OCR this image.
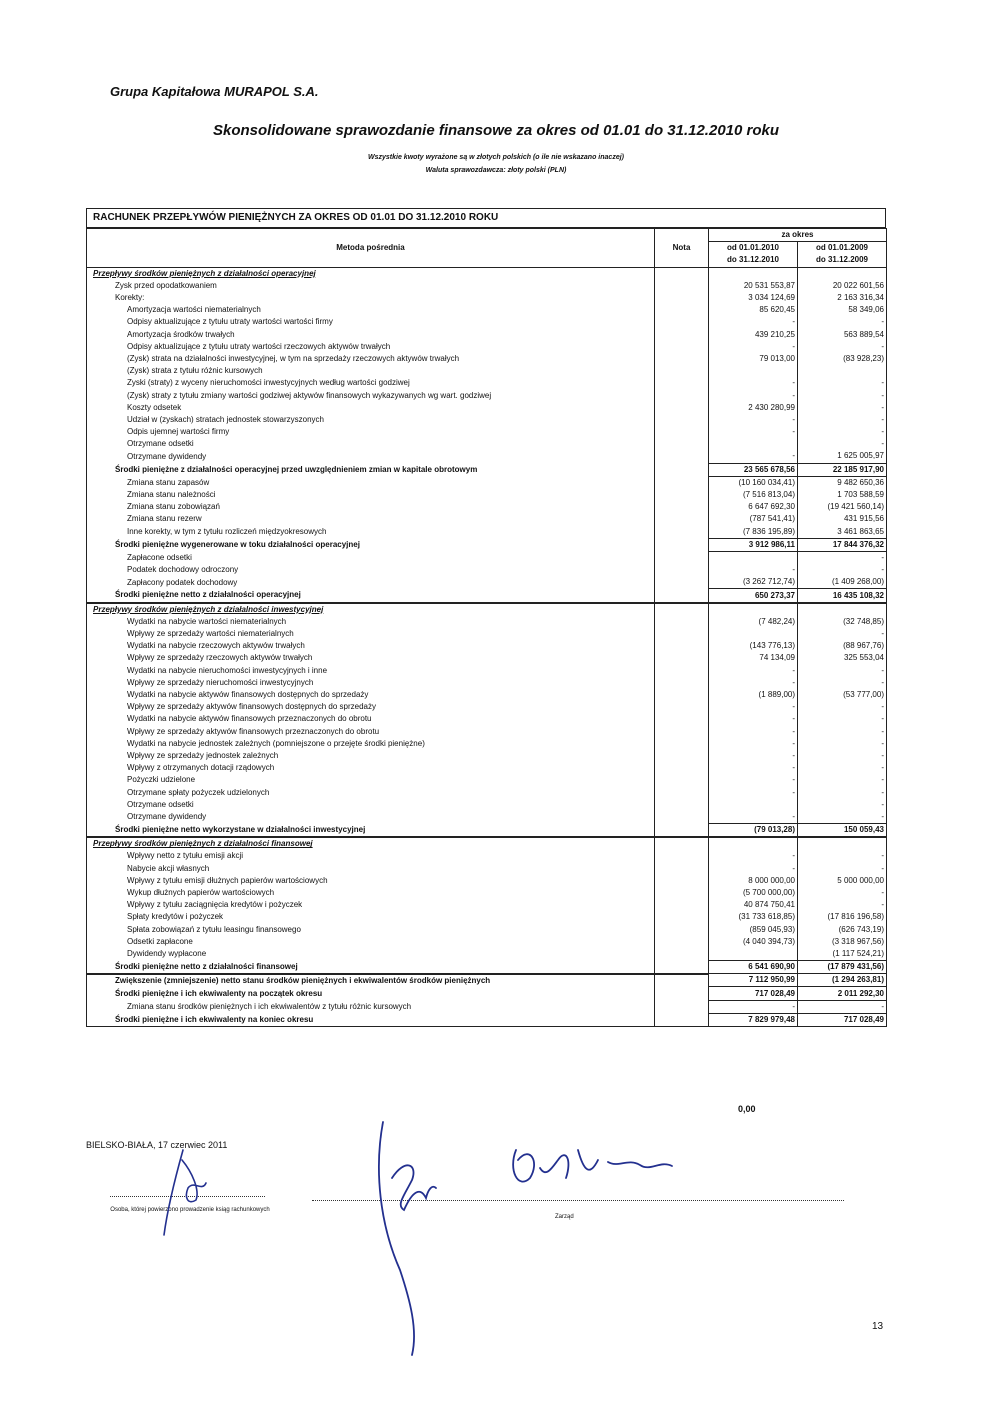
Grupa Kapitałowa MURAPOL S.A.
Skonsolidowane sprawozdanie finansowe za okres od 01.01 do 31.12.2010 roku
Wszystkie kwoty wyrażone są w złotych polskich (o ile nie wskazano inaczej)
Waluta sprawozdawcza: złoty polski (PLN)
RACHUNEK PRZEPŁYWÓW PIENIĘŻNYCH ZA OKRES OD 01.01 DO 31.12.2010 ROKU
Metoda pośrednia	Nota	za okres	
		od 01.01.2010	od 01.01.2009
		do 31.12.2010	do 31.12.2009
Przepływy środków pieniężnych z działalności operacyjnej			
Zysk przed opodatkowaniem		20 531 553,87	20 022 601,56
Korekty:		3 034 124,69	2 163 316,34
Amortyzacja wartości niematerialnych		85 620,45	58 349,06
Odpisy aktualizujące z tytułu utraty wartości wartości firmy		-	-
Amortyzacja środków trwałych		439 210,25	563 889,54
Odpisy aktualizujące z tytułu utraty wartości rzeczowych aktywów trwałych		-	-
(Zysk) strata na działalności inwestycyjnej, w tym na sprzedaży rzeczowych aktywów trwałych		79 013,00	(83 928,23)
(Zysk) strata z tytułu różnic kursowych			
Zyski (straty) z wyceny nieruchomości inwestycyjnych według wartości godziwej		-	-
(Zysk) straty z tytułu zmiany wartości godziwej aktywów finansowych wykazywanych wg wart. godziwej		-	-
Koszty odsetek		2 430 280,99	-
Udział w (zyskach) stratach jednostek stowarzyszonych		-	-
Odpis ujemnej wartości firmy		-	-
Otrzymane odsetki			-
Otrzymane dywidendy		-	1 625 005,97
Środki pieniężne z działalności operacyjnej przed uwzględnieniem zmian w kapitale obrotowym		23 565 678,56	22 185 917,90
Zmiana stanu zapasów		(10 160 034,41)	9 482 650,36
Zmiana stanu należności		(7 516 813,04)	1 703 588,59
Zmiana stanu zobowiązań		6 647 692,30	(19 421 560,14)
Zmiana stanu rezerw		(787 541,41)	431 915,56
Inne korekty, w tym z tytułu rozliczeń międzyokresowych		(7 836 195,89)	3 461 863,65
Środki pieniężne wygenerowane w toku działalności operacyjnej		3 912 986,11	17 844 376,32
Zapłacone odsetki			-
Podatek dochodowy odroczony		-	-
Zapłacony podatek dochodowy		(3 262 712,74)	(1 409 268,00)
Środki pieniężne netto z działalności operacyjnej		650 273,37	16 435 108,32
Przepływy środków pieniężnych z działalności inwestycyjnej			
Wydatki na nabycie wartości niematerialnych		(7 482,24)	(32 748,85)
Wpływy ze sprzedaży wartości niematerialnych			-
Wydatki na nabycie rzeczowych aktywów trwałych		(143 776,13)	(88 967,76)
Wpływy ze sprzedaży rzeczowych aktywów trwałych		74 134,09	325 553,04
Wydatki na nabycie nieruchomości inwestycyjnych i inne		-	-
Wpływy ze sprzedaży nieruchomości inwestycyjnych		-	-
Wydatki na nabycie aktywów finansowych dostępnych do sprzedaży		(1 889,00)	(53 777,00)
Wpływy ze sprzedaży aktywów finansowych dostępnych do sprzedaży		-	-
Wydatki na nabycie aktywów finansowych przeznaczonych do obrotu		-	-
Wpływy ze sprzedaży aktywów finansowych przeznaczonych do obrotu		-	-
Wydatki na nabycie jednostek zależnych (pomniejszone o przejęte środki pieniężne)		-	-
Wpływy ze sprzedaży jednostek zależnych		-	-
Wpływy z otrzymanych dotacji rządowych		-	-
Pożyczki udzielone		-	-
Otrzymane spłaty pożyczek udzielonych		-	-
Otrzymane odsetki			-
Otrzymane dywidendy		-	-
Środki pieniężne netto wykorzystane w działalności inwestycyjnej		(79 013,28)	150 059,43
Przepływy środków pieniężnych z działalności finansowej			
Wpływy netto z tytułu emisji akcji		-	-
Nabycie akcji własnych		-	-
Wpływy z tytułu emisji dłużnych papierów wartościowych		8 000 000,00	5 000 000,00
Wykup dłużnych papierów wartościowych		(5 700 000,00)	-
Wpływy z tytułu zaciągnięcia kredytów i pożyczek		40 874 750,41	-
Spłaty kredytów i pożyczek		(31 733 618,85)	(17 816 196,58)
Spłata zobowiązań z tytułu leasingu finansowego		(859 045,93)	(626 743,19)
Odsetki zapłacone		(4 040 394,73)	(3 318 967,56)
Dywidendy wypłacone			(1 117 524,21)
Środki pieniężne netto z działalności finansowej		6 541 690,90	(17 879 431,56)
Zwiększenie (zmniejszenie) netto stanu środków pieniężnych i ekwiwalentów środków pieniężnych		7 112 950,99	(1 294 263,81)
Środki pieniężne i ich ekwiwalenty na początek okresu		717 028,49	2 011 292,30
Zmiana stanu środków pieniężnych i ich ekwiwalentów z tytułu różnic kursowych		-	-
Środki pieniężne i ich ekwiwalenty na koniec okresu		7 829 979,48	717 028,49
0,00
BIELSKO-BIAŁA, 17 czerwiec 2011
Osoba, której powierzono prowadzenie ksiąg rachunkowych
Zarząd
13
